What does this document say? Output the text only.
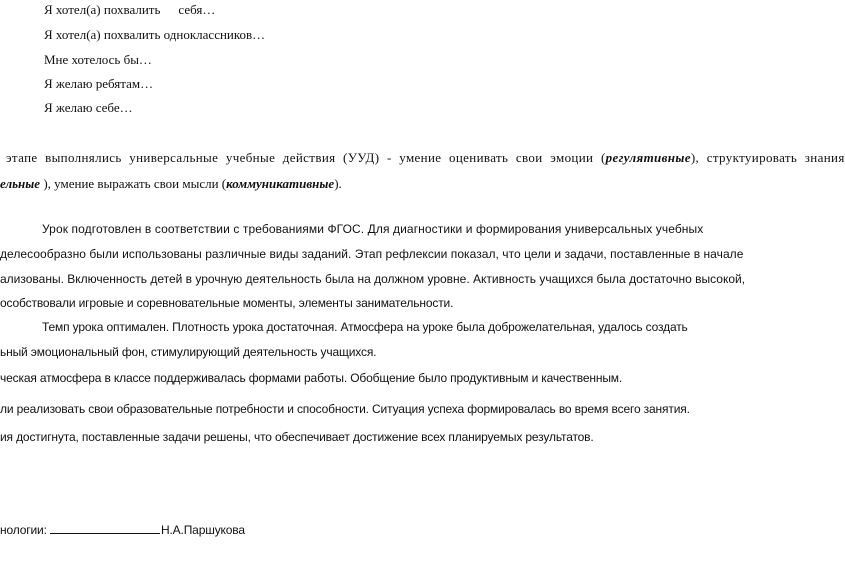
Я хотел(а) похвалить себя…
Я хотел(а) похвалить одноклассников…
Мне хотелось бы…
Я желаю ребятам…
Я желаю себе…
этапе выполнялись универсальные учебные действия (УУД) - умение оценивать свои эмоции (регулятивные), структуировать знания
ельные ), умение выражать свои мысли (коммуникативные).
Урок подготовлен в соответствии с требованиями ФГОС. Для диагностики и формирования универсальных учебных
делесообразно были использованы различные виды заданий. Этап рефлексии показал, что цели и задачи, поставленные в начале
ализованы. Включенность детей в урочную деятельность была на должном уровне. Активность учащихся была достаточно высокой,
особствовали игровые и соревновательные моменты, элементы занимательности.
Темп урока оптимален. Плотность урока достаточная. Атмосфера на уроке была доброжелательная, удалось создать
ьный эмоциональный фон, стимулирующий деятельность учащихся.
ческая атмосфера в классе поддерживалась формами работы. Обобщение было продуктивным и качественным.
ли реализовать свои образовательные потребности и способности. Ситуация успеха формировалась во время всего занятия.
ия достигнута, поставленные задачи решены, что обеспечивает достижение всех планируемых результатов.
нологии:	Н.А.Паршукова
